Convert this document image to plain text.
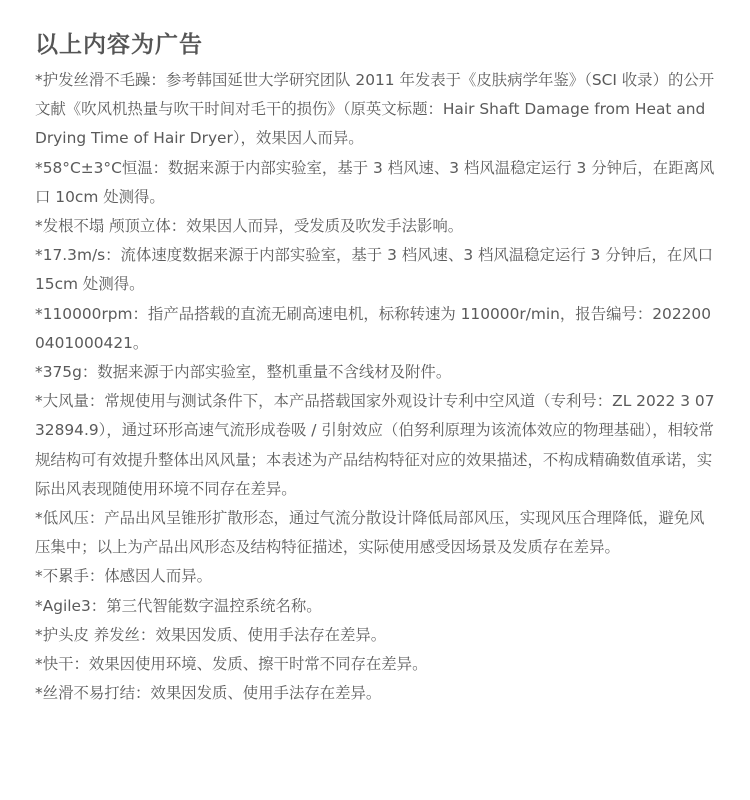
以上内容为广告

*护发丝滑不毛躁：参考韩国延世大学研究团队 2011 年发表于《皮肤病学年鉴》（SCI 收录）的公开文献《吹风机热量与吹干时间对毛干的损伤》（原英文标题：Hair Shaft Damage from Heat and Drying Time of Hair Dryer），效果因人而异。

*58°C±3°C恒温：数据来源于内部实验室，基于 3 档风速、3 档风温稳定运行 3 分钟后，在距离风口 10cm 处测得。

*发根不塌 颅顶立体：效果因人而异，受发质及吹发手法影响。

*17.3m/s：流体速度数据来源于内部实验室，基于 3 档风速、3 档风温稳定运行 3 分钟后，在风口 15cm 处测得。

*110000rpm：指产品搭载的直流无刷高速电机，标称转速为 110000r/min，报告编号：2022000401000421。

*375g：数据来源于内部实验室，整机重量不含线材及附件。

*大风量：常规使用与测试条件下，本产品搭载国家外观设计专利中空风道（专利号：ZL 2022 3 0732894.9），通过环形高速气流形成卷吸 / 引射效应（伯努利原理为该流体效应的物理基础），相较常规结构可有效提升整体出风风量；本表述为产品结构特征对应的效果描述，不构成精确数值承诺，实际出风表现随使用环境不同存在差异。

*低风压：产品出风呈锥形扩散形态，通过气流分散设计降低局部风压，实现风压合理降低，避免风压集中；以上为产品出风形态及结构特征描述，实际使用感受因场景及发质存在差异。

*不累手：体感因人而异。

*Agile3：第三代智能数字温控系统名称。

*护头皮 养发丝：效果因发质、使用手法存在差异。

*快干：效果因使用环境、发质、擦干时常不同存在差异。

*丝滑不易打结：效果因发质、使用手法存在差异。
